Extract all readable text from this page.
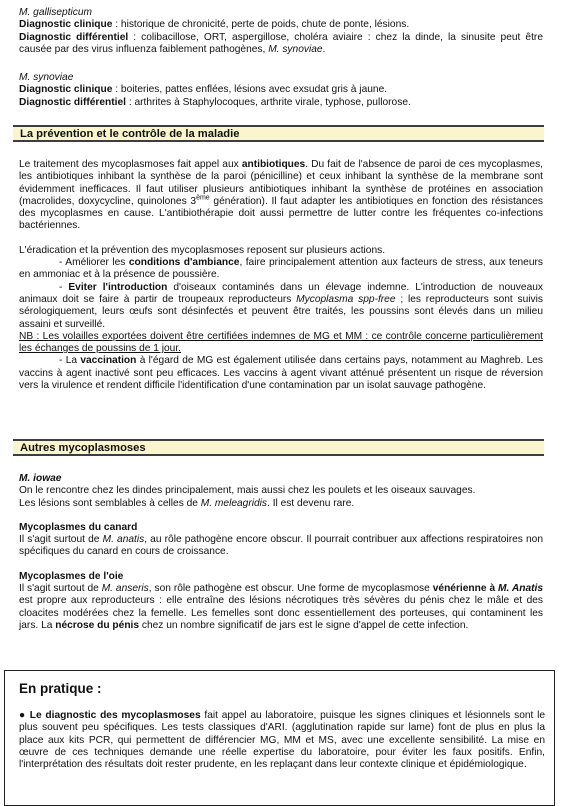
M. gallisepticum

Diagnostic clinique : historique de chronicité, perte de poids, chute de ponte, lésions.

Diagnostic différentiel : colibacillose, ORT, aspergillose, choléra aviaire : chez la dinde, la sinusite peut être causée par des virus influenza faiblement pathogènes, M. synoviae.

M. synoviae

Diagnostic clinique : boiteries, pattes enflées, lésions avec exsudat gris à jaune.

Diagnostic différentiel : arthrites à Staphylocoques, arthrite virale, typhose, pullorose.

La prévention et le contrôle de la maladie

Le traitement des mycoplasmoses fait appel aux antibiotiques. Du fait de l'absence de paroi de ces mycoplasmes, les antibiotiques inhibant la synthèse de la paroi (pénicilline) et ceux inhibant la synthèse de la membrane sont évidemment inefficaces. Il faut utiliser plusieurs antibiotiques inhibant la synthèse de protéines en association (macrolides, doxycycline, quinolones 3ème génération). Il faut adapter les antibiotiques en fonction des résistances des mycoplasmes en cause. L'antibiothérapie doit aussi permettre de lutter contre les fréquentes co-infections bactériennes.

L'éradication et la prévention des mycoplasmoses reposent sur plusieurs actions.

- Améliorer les conditions d'ambiance, faire principalement attention aux facteurs de stress, aux teneurs en ammoniac et à la présence de poussière.

- Eviter l'introduction d'oiseaux contaminés dans un élevage indemne. L'introduction de nouveaux animaux doit se faire à partir de troupeaux reproducteurs Mycoplasma spp-free ; les reproducteurs sont suivis sérologiquement, leurs œufs sont désinfectés et peuvent être traités, les poussins sont élevés dans un milieu assaini et surveillé.

NB : Les volailles exportées doivent être certifiées indemnes de MG et MM : ce contrôle concerne particulièrement les échanges de poussins de 1 jour.

- La vaccination à l'égard de MG est également utilisée dans certains pays, notamment au Maghreb. Les vaccins à agent inactivé sont peu efficaces. Les vaccins à agent vivant atténué présentent un risque de réversion vers la virulence et rendent difficile l'identification d'une contamination par un isolat sauvage pathogène.

Autres mycoplasmoses

M. iowae

On le rencontre chez les dindes principalement, mais aussi chez les poulets et les oiseaux sauvages.

Les lésions sont semblables à celles de M. meleagridis. Il est devenu rare.

Mycoplasmes du canard

Il s'agit surtout de M. anatis, au rôle pathogène encore obscur. Il pourrait contribuer aux affections respiratoires non spécifiques du canard en cours de croissance.

Mycoplasmes de l'oie

Il s'agit surtout de M. anseris, son rôle pathogène est obscur. Une forme de mycoplasmose vénérienne à M. Anatis est propre aux reproducteurs : elle entraîne des lésions nécrotiques très sévères du pénis chez le mâle et des cloacites modérées chez la femelle. Les femelles sont donc essentiellement des porteuses, qui contaminent les jars. La nécrose du pénis chez un nombre significatif de jars est le signe d'appel de cette infection.

En pratique :

● Le diagnostic des mycoplasmoses fait appel au laboratoire, puisque les signes cliniques et lésionnels sont le plus souvent peu spécifiques. Les tests classiques d'ARI. (agglutination rapide sur lame) font de plus en plus la place aux kits PCR, qui permettent de différencier MG, MM et MS, avec une excellente sensibilité. La mise en œuvre de ces techniques demande une réelle expertise du laboratoire, pour éviter les faux positifs. Enfin, l'interprétation des résultats doit rester prudente, en les replaçant dans leur contexte clinique et épidémiologique.
